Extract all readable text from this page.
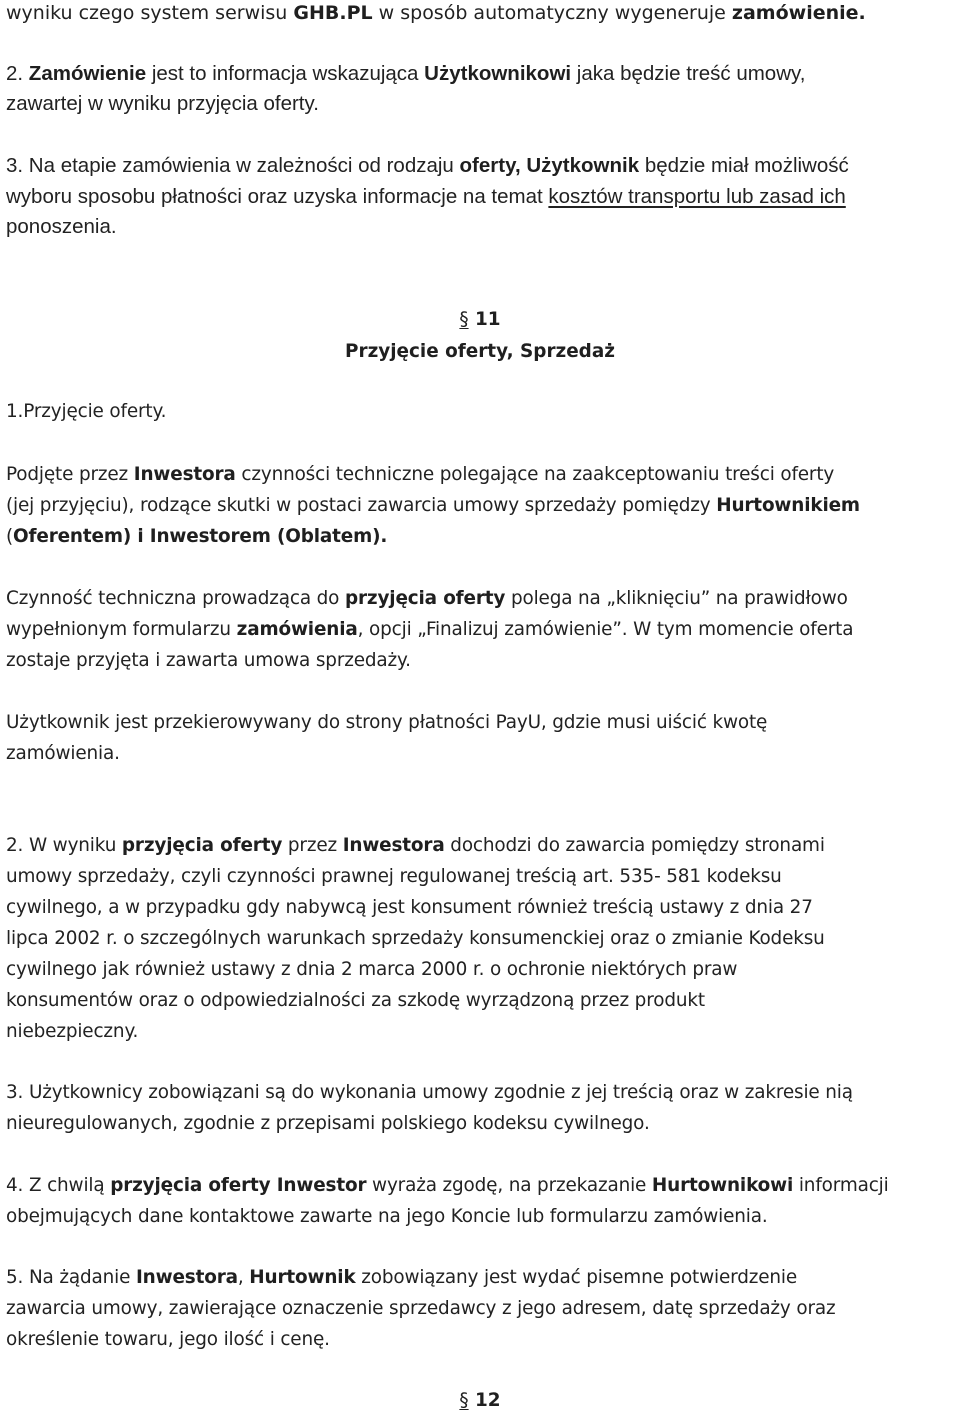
wyniku czego system serwisu GHB.PL w sposób automatyczny wygeneruje zamówienie.
2. Zamówienie jest to informacja wskazująca Użytkownikowi jaka będzie treść umowy,
zawartej w wyniku przyjęcia oferty.
3. Na etapie zamówienia w zależności od rodzaju oferty, Użytkownik będzie miał możliwość
wyboru sposobu płatności oraz uzyska informacje na temat kosztów transportu lub zasad ich
ponoszenia.
§ 11
Przyjęcie oferty, Sprzedaż
1.Przyjęcie oferty.
Podjęte przez Inwestora czynności techniczne polegające na zaakceptowaniu treści oferty
(jej przyjęciu), rodzące skutki w postaci zawarcia umowy sprzedaży pomiędzy Hurtownikiem
(Oferentem) i Inwestorem (Oblatem).
Czynność techniczna prowadząca do przyjęcia oferty polega na „kliknięciu” na prawidłowo
wypełnionym formularzu zamówienia, opcji „Finalizuj zamówienie”. W tym momencie oferta
zostaje przyjęta i zawarta umowa sprzedaży.
Użytkownik jest przekierowywany do strony płatności PayU, gdzie musi uiścić kwotę
zamówienia.
2. W wyniku przyjęcia oferty przez Inwestora dochodzi do zawarcia pomiędzy stronami
umowy sprzedaży, czyli czynności prawnej regulowanej treścią art. 535- 581 kodeksu
cywilnego, a w przypadku gdy nabywcą jest konsument również treścią ustawy z dnia 27
lipca 2002 r. o szczególnych warunkach sprzedaży konsumenckiej oraz o zmianie Kodeksu
cywilnego jak również ustawy z dnia 2 marca 2000 r. o ochronie niektórych praw
konsumentów oraz o odpowiedzialności za szkodę wyrządzoną przez produkt
niebezpieczny.
3. Użytkownicy zobowiązani są do wykonania umowy zgodnie z jej treścią oraz w zakresie nią
nieuregulowanych, zgodnie z przepisami polskiego kodeksu cywilnego.
4. Z chwilą przyjęcia oferty Inwestor wyraża zgodę, na przekazanie Hurtownikowi informacji
obejmujących dane kontaktowe zawarte na jego Koncie lub formularzu zamówienia.
5. Na żądanie Inwestora, Hurtownik zobowiązany jest wydać pisemne potwierdzenie
zawarcia umowy, zawierające oznaczenie sprzedawcy z jego adresem, datę sprzedaży oraz
określenie towaru, jego ilość i cenę.
§ 12
